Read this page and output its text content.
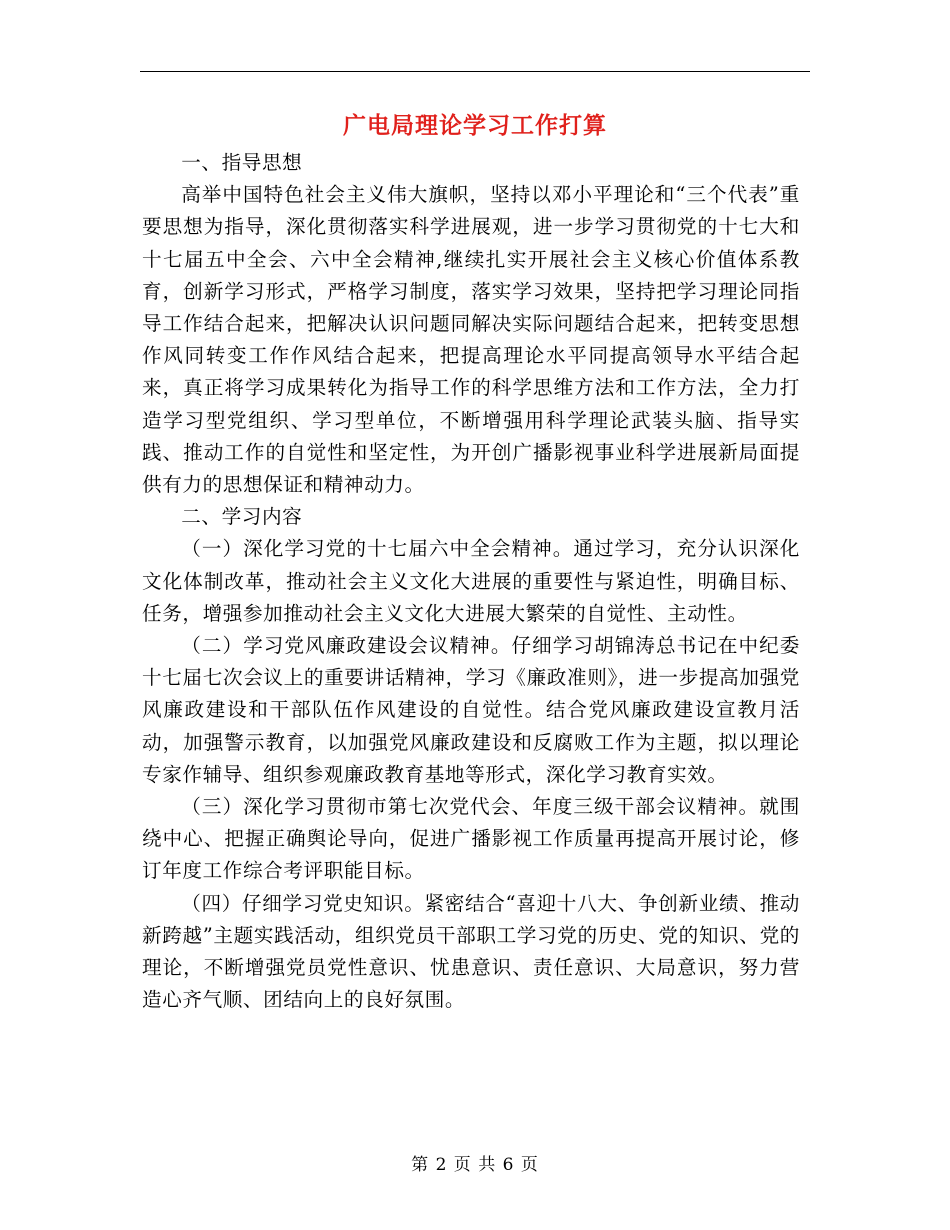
广电局理论学习工作打算

一、指导思想

高举中国特色社会主义伟大旗帜，坚持以邓小平理论和“三个代表”重要思想为指导，深化贯彻落实科学进展观，进一步学习贯彻党的十七大和十七届五中全会、六中全会精神,继续扎实开展社会主义核心价值体系教育，创新学习形式，严格学习制度，落实学习效果，坚持把学习理论同指导工作结合起来，把解决认识问题同解决实际问题结合起来，把转变思想作风同转变工作作风结合起来，把提高理论水平同提高领导水平结合起来，真正将学习成果转化为指导工作的科学思维方法和工作方法，全力打造学习型党组织、学习型单位，不断增强用科学理论武装头脑、指导实践、推动工作的自觉性和坚定性，为开创广播影视事业科学进展新局面提供有力的思想保证和精神动力。

二、学习内容

（一）深化学习党的十七届六中全会精神。通过学习，充分认识深化文化体制改革，推动社会主义文化大进展的重要性与紧迫性，明确目标、任务，增强参加推动社会主义文化大进展大繁荣的自觉性、主动性。

（二）学习党风廉政建设会议精神。仔细学习胡锦涛总书记在中纪委十七届七次会议上的重要讲话精神，学习《廉政准则》，进一步提高加强党风廉政建设和干部队伍作风建设的自觉性。结合党风廉政建设宣教月活动，加强警示教育，以加强党风廉政建设和反腐败工作为主题，拟以理论专家作辅导、组织参观廉政教育基地等形式，深化学习教育实效。

（三）深化学习贯彻市第七次党代会、年度三级干部会议精神。就围绕中心、把握正确舆论导向，促进广播影视工作质量再提高开展讨论，修订年度工作综合考评职能目标。

（四）仔细学习党史知识。紧密结合“喜迎十八大、争创新业绩、推动新跨越”主题实践活动，组织党员干部职工学习党的历史、党的知识、党的理论，不断增强党员党性意识、忧患意识、责任意识、大局意识，努力营造心齐气顺、团结向上的良好氛围。

第 2 页 共 6 页
